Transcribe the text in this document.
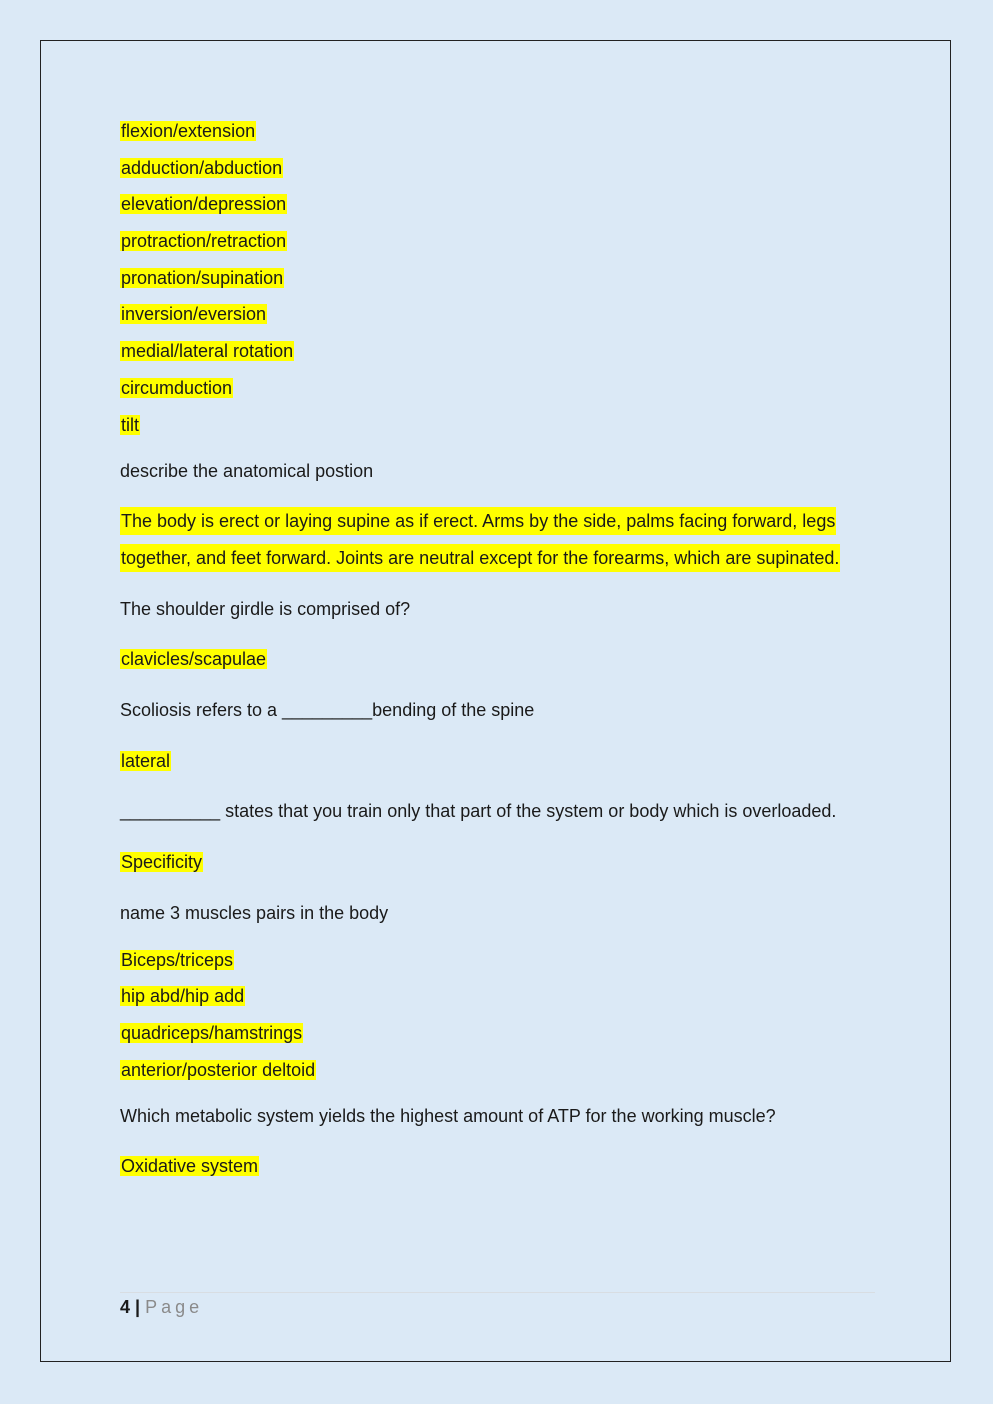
flexion/extension
adduction/abduction
elevation/depression
protraction/retraction
pronation/supination
inversion/eversion
medial/lateral rotation
circumduction
tilt
describe the anatomical postion
The body is erect or laying supine as if erect. Arms by the side, palms facing forward, legs together, and feet forward. Joints are neutral except for the forearms, which are supinated.
The shoulder girdle is comprised of?
clavicles/scapulae
Scoliosis refers to a _________bending of the spine
lateral
__________ states that you train only that part of the system or body which is overloaded.
Specificity
name 3 muscles pairs in the body
Biceps/triceps
hip abd/hip add
quadriceps/hamstrings
anterior/posterior deltoid
Which metabolic system yields the highest amount of ATP for the working muscle?
Oxidative system
4 | Page
